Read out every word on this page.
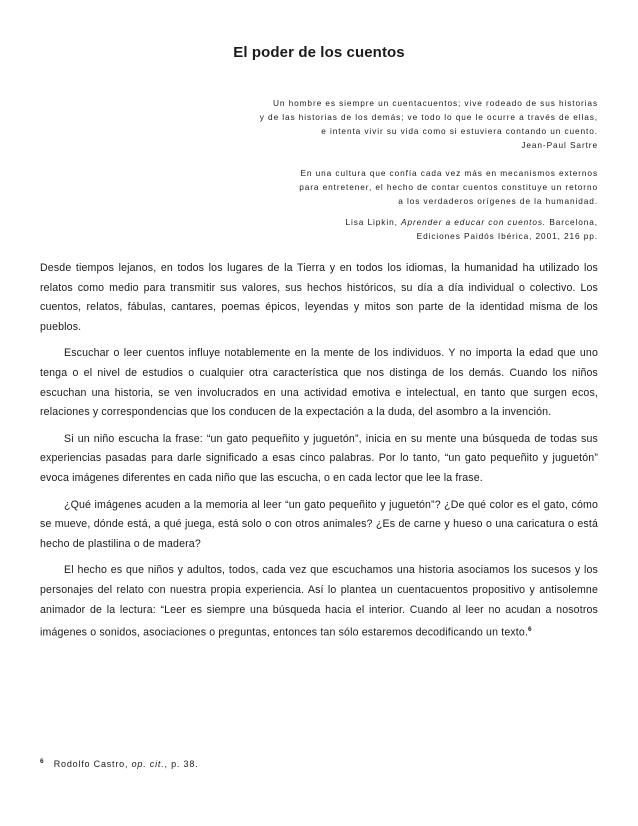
El poder de los cuentos

Un hombre es siempre un cuentacuentos; vive rodeado de sus historias

y de las historias de los demás; ve todo lo que le ocurre a través de ellas,

e intenta vivir su vida como si estuviera contando un cuento.

Jean-Paul Sartre

En una cultura que confía cada vez más en mecanismos externos

para entretener, el hecho de contar cuentos constituye un retorno

a los verdaderos orígenes de la humanidad.

Lisa Lipkin, Aprender a educar con cuentos. Barcelona,

Ediciones Paidós Ibérica, 2001, 216 pp.

Desde tiempos lejanos, en todos los lugares de la Tierra y en todos los idiomas, la humanidad ha utilizado los relatos como medio para transmitir sus valores, sus hechos históricos, su día a día individual o colectivo. Los cuentos, relatos, fábulas, cantares, poemas épicos, leyendas y mitos son parte de la identidad misma de los pueblos.

Escuchar o leer cuentos influye notablemente en la mente de los individuos. Y no importa la edad que uno tenga o el nivel de estudios o cualquier otra característica que nos distinga de los demás. Cuando los niños escuchan una historia, se ven involucrados en una actividad emotiva e intelectual, en tanto que surgen ecos, relaciones y correspondencias que los conducen de la expectación a la duda, del asombro a la invención.

Si un niño escucha la frase: “un gato pequeñito y juguetón”, inicia en su mente una búsqueda de todas sus experiencias pasadas para darle significado a esas cinco palabras. Por lo tanto, “un gato pequeñito y juguetón” evoca imágenes diferentes en cada niño que las escucha, o en cada lector que lee la frase.

¿Qué imágenes acuden a la memoria al leer “un gato pequeñito y juguetón”? ¿De qué color es el gato, cómo se mueve, dónde está, a qué juega, está solo o con otros animales? ¿Es de carne y hueso o una caricatura o está hecho de plastilina o de madera?

El hecho es que niños y adultos, todos, cada vez que escuchamos una historia asociamos los sucesos y los personajes del relato con nuestra propia experiencia. Así lo plantea un cuentacuentos propositivo y antisolemne animador de la lectura: “Leer es siempre una búsqueda hacia el interior. Cuando al leer no acudan a nosotros imágenes o sonidos, asociaciones o preguntas, entonces tan sólo estaremos decodificando un texto.$^6$

$^6$ Rodolfo Castro, op. cit., p. 38.
